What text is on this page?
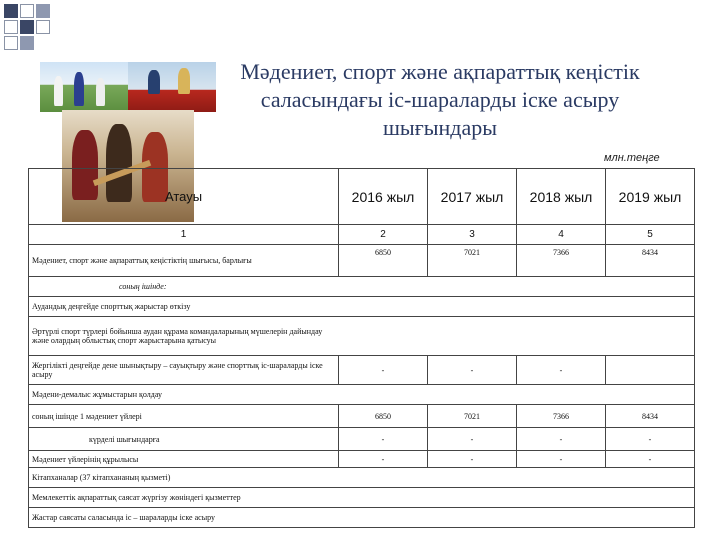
Мәдениет, спорт және ақпараттық кеңістік саласындағы іс-шараларды іске асыру шығындары
млн.теңге
Атауы	2016 жыл	2017 жыл	2018 жыл	2019 жыл
1	2	3	4	5
Мәдениет, спорт және ақпараттық кеңістіктің шығысы, барлығы	6850	7021	7366	8434
соның ішінде:				
Аудандық деңгейде спорттық жарыстар өткізу				
Әртүрлі спорт түрлері бойынша аудан құрама командаларының мүшелерін дайындау және олардың облыстық спорт жарыстарына қатысуы				
Жергілікті деңгейде дене шынықтыру – сауықтыру және спорттық іс-шараларды іске асыру	-	-	-	
Мәдени-демалыс жұмыстарын қолдау				
соның ішінде 1 мәдениет үйлері	6850	7021	7366	8434
күрделі шығындарға	-	-	-	-
Мәдениет үйлерінің құрылысы	-	-	-	-
Кітапханалар (37 кітапхананың қызметі)				
Мемлекеттік ақпараттық саясат жүргізу жөніндегі қызметтер				
Жастар саясаты саласында іс – шараларды іске асыру				
